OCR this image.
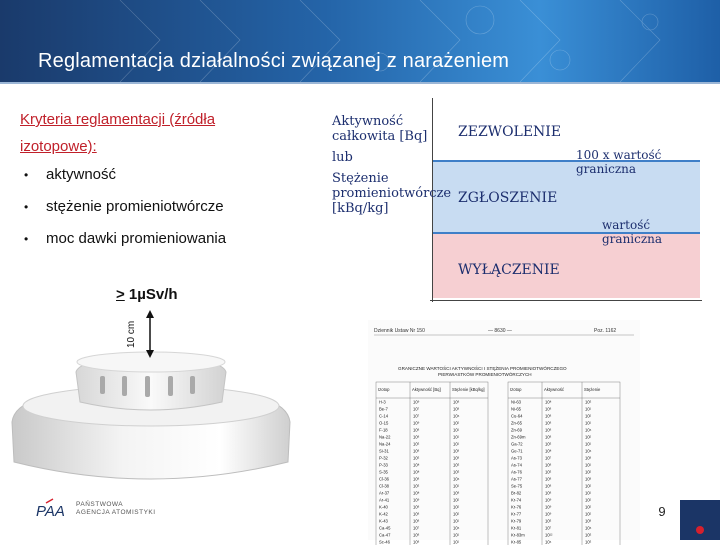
Reglamentacja działalności związanej z narażeniem
Kryteria reglamentacji (źródła izotopowe):
•	aktywność
•	stężenie promieniotwórcze
•	moc dawki promieniowania
Aktywność
całkowita [Bq]
lub
Stężenie
promieniotwórcze
[kBq/kg]
ZEZWOLENIE
100 x wartość graniczna
ZGŁOSZENIE
wartość graniczna
WYŁĄCZENIE
≥ 1µSv/h
10 cm	Dziennik Ustaw Nr 150	— 8630 —	Poz. 1162
GRANICZNE WARTOŚCI AKTYWNOŚCI I STĘŻENIA PROMIENIOTWÓRCZEGO
PIERWIASTKÓW PROMIENIOTWÓRCZYCH
Izotop	Aktywność [Bq]	Stężenie [kBq/kg]
H-3	10⁹	10⁶
Be-7	10⁷	10³
C-14	10⁷	10⁴
O-15	10⁹	10²
F-18	10⁶	10¹
Na-22	10⁶	10¹
Na-24	10⁵	10¹
Si-31	10⁶	10³
P-32	10⁵	10³
P-33	10⁸	10⁵
S-35	10⁸	10⁵
Cl-36	10⁶	10⁴
Cl-38	10⁵	10¹
Ar-37	10⁸	10⁶
Ar-41	10⁹	10²
K-40	10⁶	10²
K-42	10⁶	10²
K-43	10⁶	10¹
Ca-45	10⁷	10⁴
Ca-47	10⁶	10¹
Sc-46	10⁶	10¹
Izotop	Aktywność	Stężenie
Ni-63	10⁸	10⁵
Ni-65	10⁶	10¹
Cu-64	10⁶	10²
Zn-65	10⁶	10¹
Zn-69	10⁶	10⁴
Zn-69m	10⁶	10²
Ga-72	10⁵	10¹
Ge-71	10⁸	10⁴
As-73	10⁷	10³
As-74	10⁶	10¹
As-76	10⁵	10²
As-77	10⁶	10³
Se-75	10⁶	10²
Br-82	10⁶	10¹
Kr-74	10⁹	10²
Kr-76	10⁹	10²
Kr-77	10⁹	10²
Kr-79	10⁵	10³
Kr-81	10⁷	10⁴
Kr-83m	10¹²	10⁵
Kr-85	10⁴	10⁵
PAA PAŃSTWOWA
AGENCJA ATOMISTYKI	9
